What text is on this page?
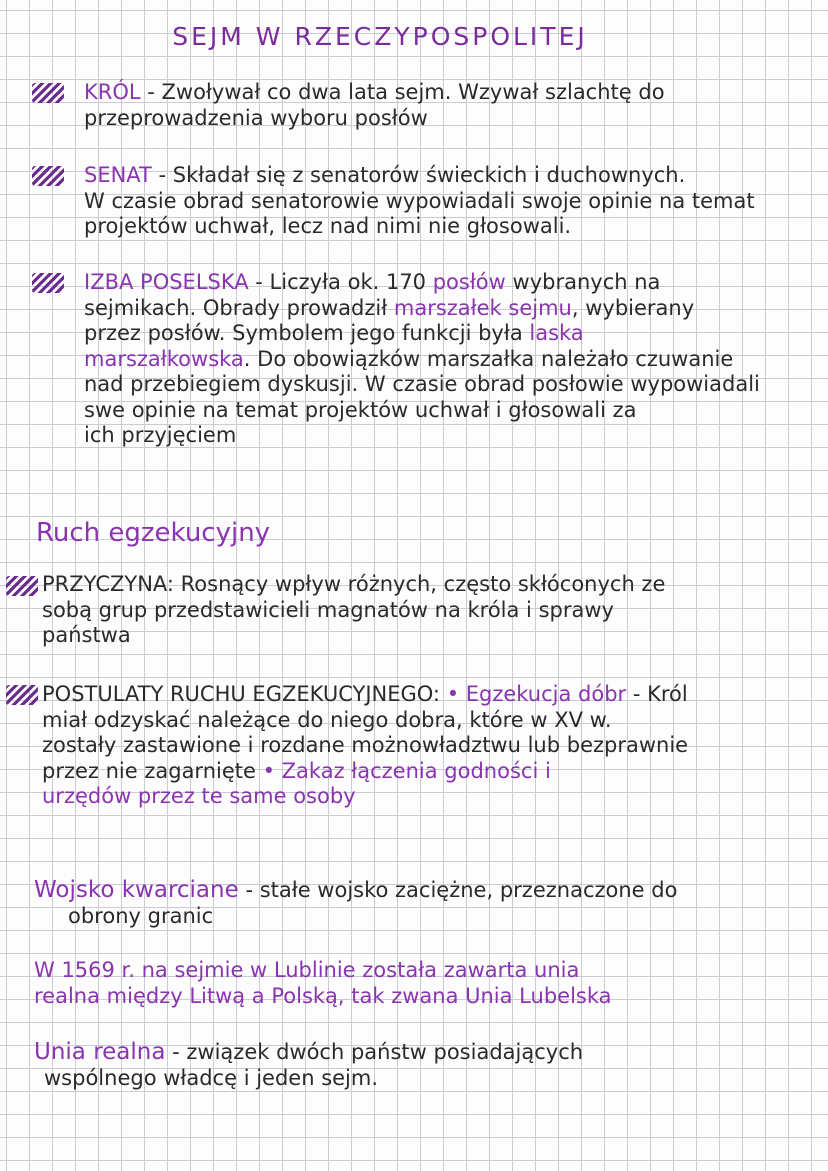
SEJM W RZECZYPOSPOLITEJ
KRÓL - Zwoływał co dwa lata sejm. Wzywał szlachtę do
przeprowadzenia wyboru posłów
SENAT - Składał się z senatorów świeckich i duchownych.
W czasie obrad senatorowie wypowiadali swoje opinie na temat
projektów uchwał, lecz nad nimi nie głosowali.
IZBA POSELSKA - Liczyła ok. 170 posłów wybranych na
sejmikach. Obrady prowadził marszałek sejmu, wybierany
przez posłów. Symbolem jego funkcji była laska
marszałkowska. Do obowiązków marszałka należało czuwanie
nad przebiegiem dyskusji. W czasie obrad posłowie wypowiadali
swe opinie na temat projektów uchwał i głosowali za
ich przyjęciem
Ruch egzekucyjny
PRZYCZYNA: Rosnący wpływ różnych, często skłóconych ze
sobą grup przedstawicieli magnatów na króla i sprawy
państwa
POSTULATY RUCHU EGZEKUCYJNEGO: • Egzekucja dóbr - Król
miał odzyskać należące do niego dobra, które w XV w.
zostały zastawione i rozdane możnowładztwu lub bezprawnie
przez nie zagarnięte • Zakaz łączenia godności i
urzędów przez te same osoby
Wojsko kwarciane - stałe wojsko zaciężne, przeznaczone do
obrony granic
W 1569 r. na sejmie w Lublinie została zawarta unia
realna między Litwą a Polską, tak zwana Unia Lubelska
Unia realna - związek dwóch państw posiadających
wspólnego władcę i jeden sejm.
